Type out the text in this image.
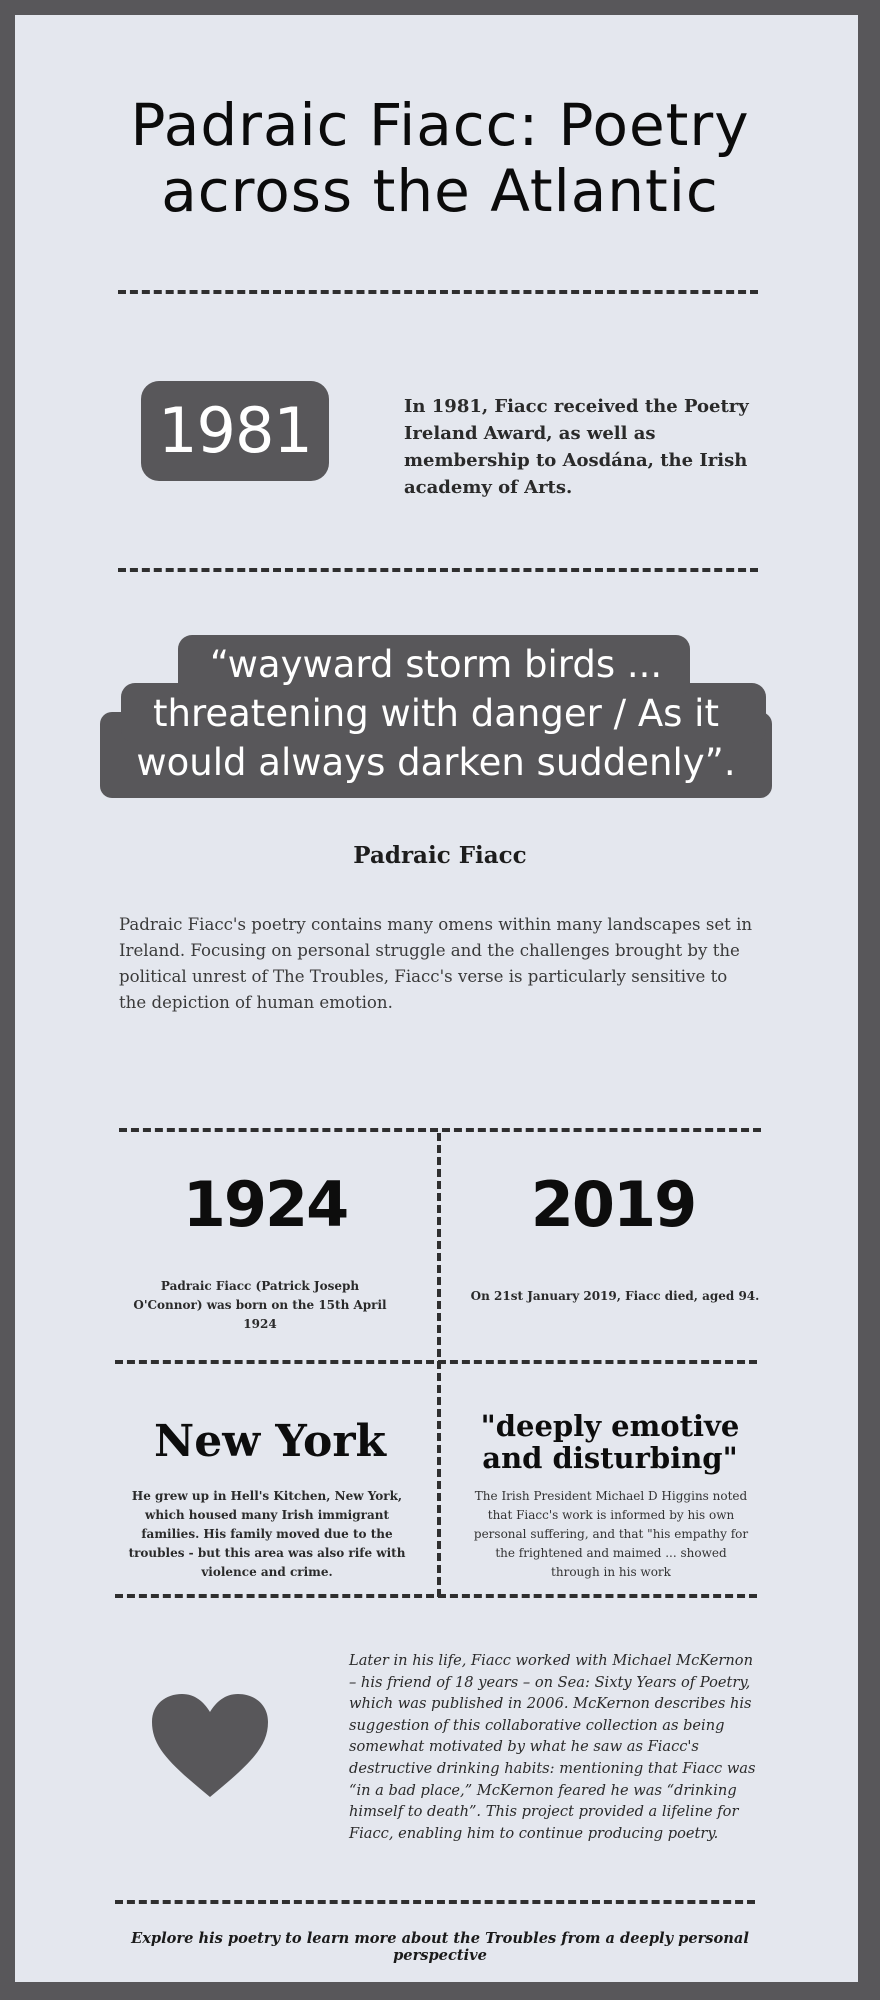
Padraic Fiacc: Poetry across the Atlantic
1981	In 1981, Fiacc received the Poetry Ireland Award, as well as membership to Aosdána, the Irish academy of Arts.
“wayward storm birds ... threatening with danger / As it would always darken suddenly”.
Padraic Fiacc
Padraic Fiacc's poetry contains many omens within many landscapes set in Ireland. Focusing on personal struggle and the challenges brought by the political unrest of The Troubles, Fiacc's verse is particularly sensitive to the depiction of human emotion.
1924
Padraic Fiacc (Patrick Joseph O'Connor) was born on the 15th April 1924
2019
On 21st January 2019, Fiacc died, aged 94.
New York
He grew up in Hell's Kitchen, New York, which housed many Irish immigrant families. His family moved due to the troubles - but this area was also rife with violence and crime.
"deeply emotive and disturbing"
The Irish President Michael D Higgins noted that Fiacc's work is informed by his own personal suffering, and that "his empathy for the frightened and maimed ... showed through in his work
Later in his life, Fiacc worked with Michael McKernon – his friend of 18 years – on Sea: Sixty Years of Poetry, which was published in 2006. McKernon describes his suggestion of this collaborative collection as being somewhat motivated by what he saw as Fiacc's destructive drinking habits: mentioning that Fiacc was “in a bad place,” McKernon feared he was “drinking himself to death”. This project provided a lifeline for Fiacc, enabling him to continue producing poetry.
Explore his poetry to learn more about the Troubles from a deeply personal perspective
